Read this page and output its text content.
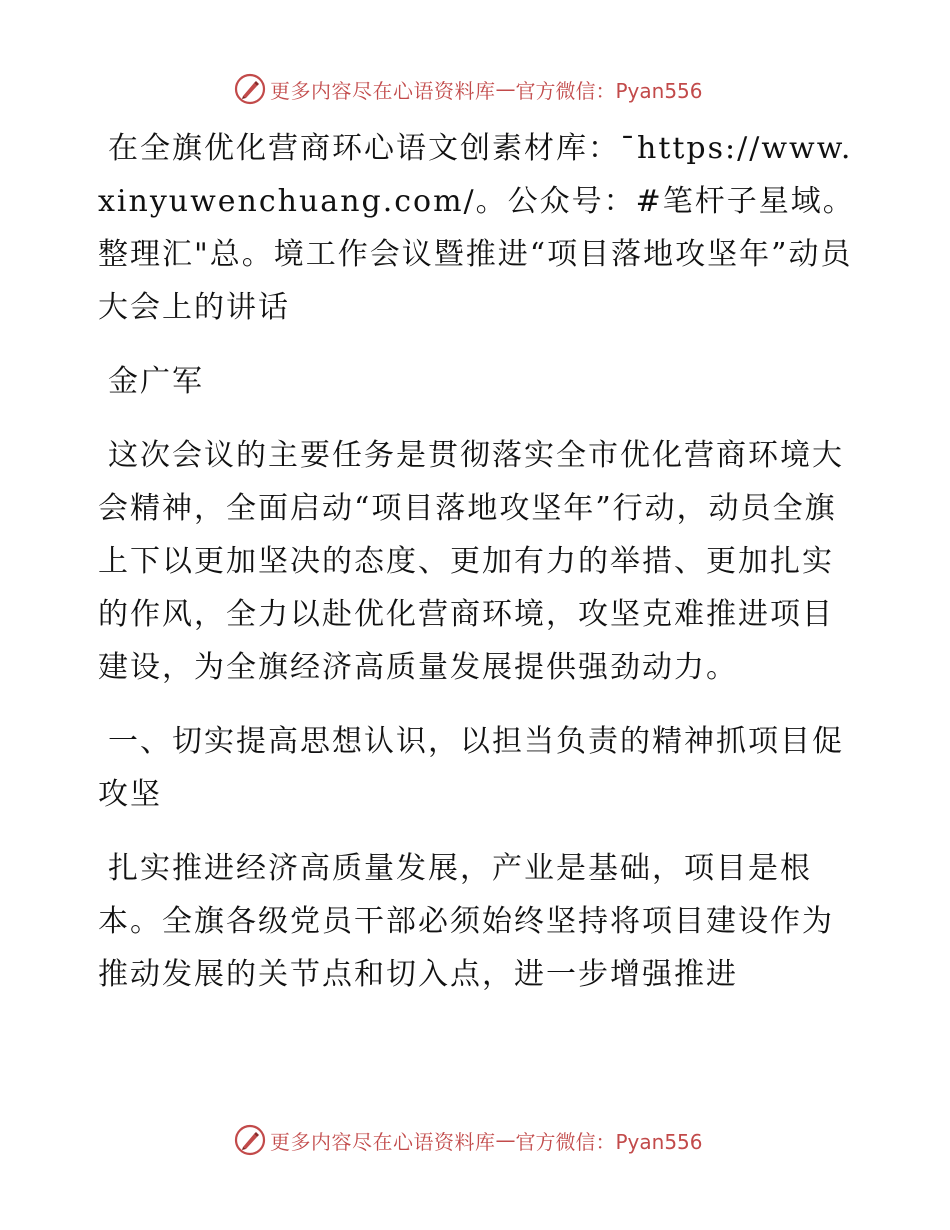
更多内容尽在心语资料库 — 官方微信：Pyan556

在全旗优化营商环心语文创素材库：¯https://www.xinyuwenchuang.com/。公众号：#笔杆子星域。整理汇"总。境工作会议暨推进“项目落地攻坚年”动员大会上的讲话

金广军

这次会议的主要任务是贯彻落实全市优化营商环境大会精神，全面启动“项目落地攻坚年”行动，动员全旗上下以更加坚决的态度、更加有力的举措、更加扎实的作风，全力以赴优化营商环境，攻坚克难推进项目建设，为全旗经济高质量发展提供强劲动力。

一、切实提高思想认识，以担当负责的精神抓项目促攻坚

扎实推进经济高质量发展，产业是基础，项目是根本。全旗各级党员干部必须始终坚持将项目建设作为推动发展的关节点和切入点，进一步增强推进

更多内容尽在心语资料库 — 官方微信：Pyan556
